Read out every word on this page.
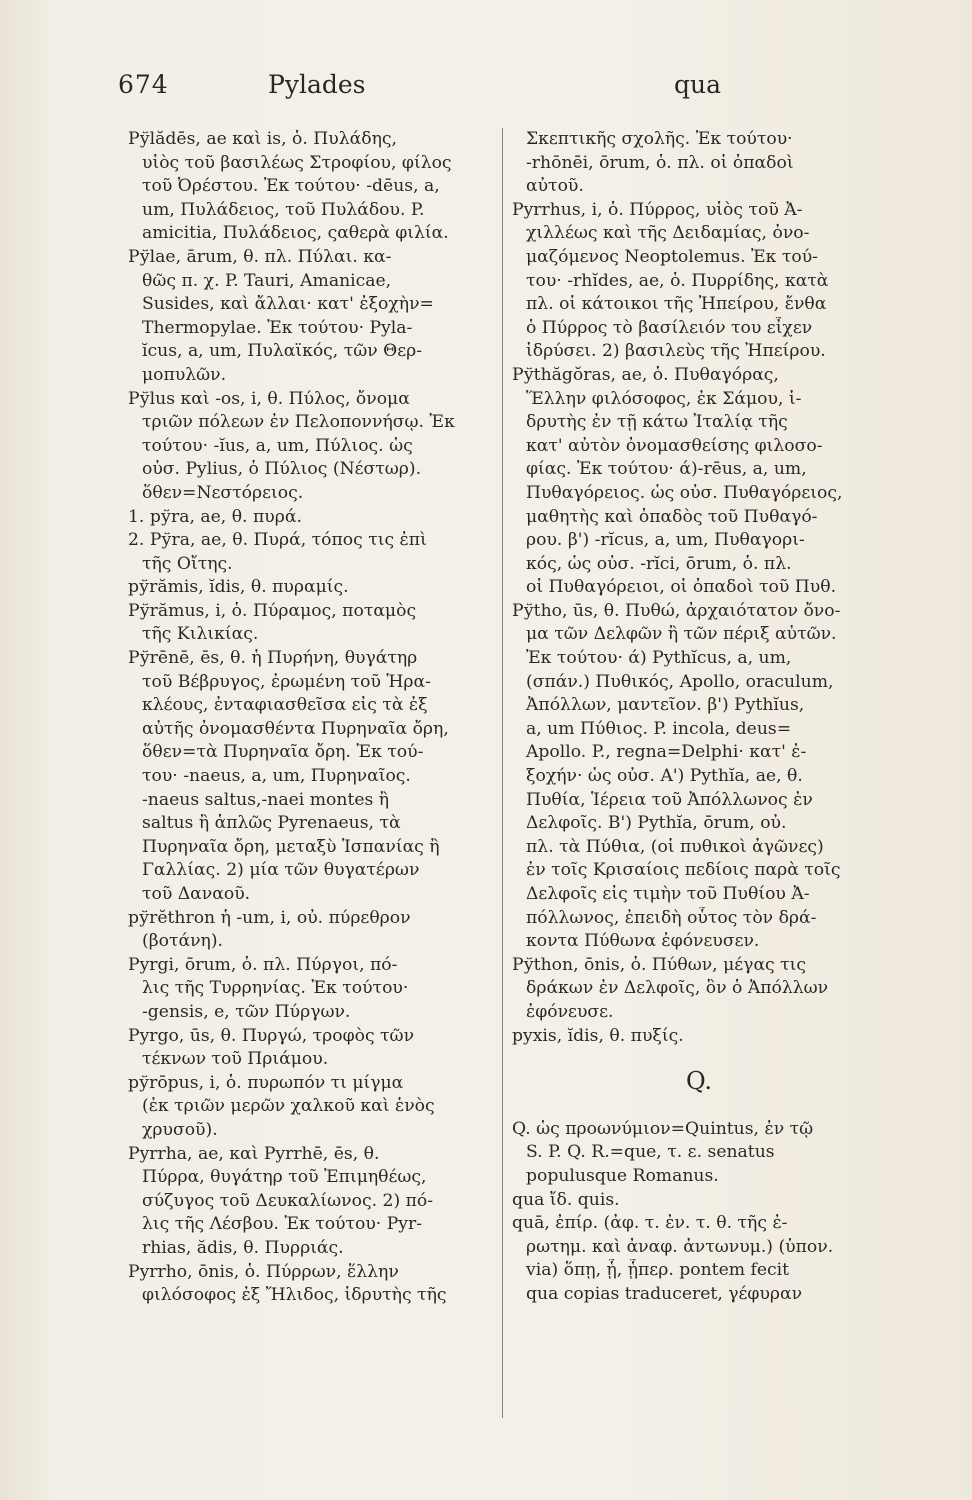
674	Pylades	qua
Pўlădēs, ae καὶ is, ὁ. Πυλάδης,
υἱὸς τοῦ βασιλέως Στροφίου, φίλος
τοῦ Ὀρέστου. Ἐκ τούτου· -dēus, a,
um, Πυλάδειος, τοῦ Πυλάδου. P.
amicitia, Πυλάδειος, ςαθερὰ φιλία.
Pўlae, ārum, θ. πλ. Πύλαι. κα-
θῶς π. χ. P. Tauri, Amanicae,
Susides, καὶ ἄλλαι· κατ' ἐξοχὴν=
Thermopylae. Ἐκ τούτου· Pyla-
ĭcus, a, um, Πυλαϊκός, τῶν Θερ-
μοπυλῶν.
Pўlus καὶ -os, i, θ. Πύλος, ὄνομα
τριῶν πόλεων ἐν Πελοποννήσῳ. Ἐκ
τούτου· -ĭus, a, um, Πύλιος. ὡς
οὐσ. Pylius, ὁ Πύλιος (Νέστωρ).
ὅθεν=Νεστόρειος.
1. pўra, ae, θ. πυρά.
2. Pўra, ae, θ. Πυρά, τόπος τις ἐπὶ
τῆς Οἴτης.
pўrămis, ĭdis, θ. πυραμίς.
Pўrămus, i, ὁ. Πύραμος, ποταμὸς
τῆς Κιλικίας.
Pўrēnē, ēs, θ. ἡ Πυρήνη, θυγάτηρ
τοῦ Βέβρυγος, ἐρωμένη τοῦ Ἡρα-
κλέους, ἐνταφιασθεῖσα εἰς τὰ ἐξ
αὐτῆς ὀνομασθέντα Πυρηναῖα ὄρη,
ὅθεν=τὰ Πυρηναῖα ὄρη. Ἐκ τού-
του· -naeus, a, um, Πυρηναῖος.
-naeus saltus,-naei montes ἢ
saltus ἢ ἁπλῶς Pyrenaeus, τὰ
Πυρηναῖα ὄρη, μεταξὺ Ἱσπανίας ἢ
Γαλλίας. 2) μία τῶν θυγατέρων
τοῦ Δαναοῦ.
pўrĕthron ἡ -um, i, οὐ. πύρεθρον
(βοτάνη).
Pyrgi, ōrum, ὁ. πλ. Πύργοι, πό-
λις τῆς Τυρρηνίας. Ἐκ τούτου·
-gensis, e, τῶν Πύργων.
Pyrgo, ūs, θ. Πυργώ, τροφὸς τῶν
τέκνων τοῦ Πριάμου.
pўrōpus, i, ὁ. πυρωπόν τι μίγμα
(ἐκ τριῶν μερῶν χαλκοῦ καὶ ἑνὸς
χρυσοῦ).
Pyrrha, ae, καὶ Pyrrhē, ēs, θ.
Πύρρα, θυγάτηρ τοῦ Ἐπιμηθέως,
σύζυγος τοῦ Δευκαλίωνος. 2) πό-
λις τῆς Λέσβου. Ἐκ τούτου· Pyr-
rhias, ădis, θ. Πυρριάς.
Pyrrho, ōnis, ὁ. Πύρρων, ἕλλην
φιλόσοφος ἐξ Ἤλιδος, ἱδρυτὴς τῆς
Σκεπτικῆς σχολῆς. Ἐκ τούτου·
-rhōnēi, ōrum, ὁ. πλ. οἱ ὀπαδοὶ
αὐτοῦ.
Pyrrhus, i, ὁ. Πύρρος, υἱὸς τοῦ Ἀ-
χιλλέως καὶ τῆς Δειδαμίας, ὀνο-
μαζόμενος Neoptolemus. Ἐκ τού-
του· -rhĭdes, ae, ὁ. Πυρρίδης, κατὰ
πλ. οἱ κάτοικοι τῆς Ἠπείρου, ἔνθα
ὁ Πύρρος τὸ βασίλειόν του εἶχεν
ἱδρύσει. 2) βασιλεὺς τῆς Ἠπείρου.
Pўthăgŏras, ae, ὁ. Πυθαγόρας,
Ἕλλην φιλόσοφος, ἐκ Σάμου, ἱ-
δρυτὴς ἐν τῇ κάτω Ἰταλίᾳ τῆς
κατ' αὐτὸν ὀνομασθείσης φιλοσο-
φίας. Ἐκ τούτου· ά)-rēus, a, um,
Πυθαγόρειος. ὡς οὐσ. Πυθαγόρειος,
μαθητὴς καὶ ὀπαδὸς τοῦ Πυθαγό-
ρου. β') -rĭcus, a, um, Πυθαγορι-
κός, ὡς οὐσ. -rĭci, ōrum, ὁ. πλ.
οἱ Πυθαγόρειοι, οἱ ὀπαδοὶ τοῦ Πυθ.
Pўtho, ūs, θ. Πυθώ, ἀρχαιότατον ὄνο-
μα τῶν Δελφῶν ἢ τῶν πέριξ αὐτῶν.
Ἐκ τούτου· ά) Pythĭcus, a, um,
(σπάν.) Πυθικός, Apollo, oraculum,
Ἀπόλλων, μαντεῖον. β') Pythĭus,
a, um Πύθιος. P. incola, deus=
Apollo. P., regna=Delphi· κατ' ἐ-
ξοχήν· ὡς οὐσ. Α') Pythĭa, ae, θ.
Πυθία, Ἱέρεια τοῦ Ἀπόλλωνος ἐν
Δελφοῖς. Β') Pythĭa, ōrum, οὐ.
πλ. τὰ Πύθια, (οἱ πυθικοὶ ἀγῶνες)
ἐν τοῖς Κρισαίοις πεδίοις παρὰ τοῖς
Δελφοῖς εἰς τιμὴν τοῦ Πυθίου Ἀ-
πόλλωνος, ἐπειδὴ οὗτος τὸν δρά-
κοντα Πύθωνα ἐφόνευσεν.
Pўthon, ōnis, ὁ. Πύθων, μέγας τις
δράκων ἐν Δελφοῖς, ὃν ὁ Ἀπόλλων
ἐφόνευσε.
pyxis, ĭdis, θ. πυξίς.
Q.
Q. ὡς προωνύμιον=Quintus, ἐν τῷ
S. P. Q. R.=que, τ. ε. senatus
populusque Romanus.
qua ἴδ. quis.
quā, ἐπίρ. (ἀφ. τ. ἐν. τ. θ. τῆς ἐ-
ρωτημ. καὶ ἀναφ. ἀντωνυμ.) (ὑπον.
via) ὅπῃ, ᾗ, ᾗπερ. pontem fecit
qua copias traduceret, γέφυραν
